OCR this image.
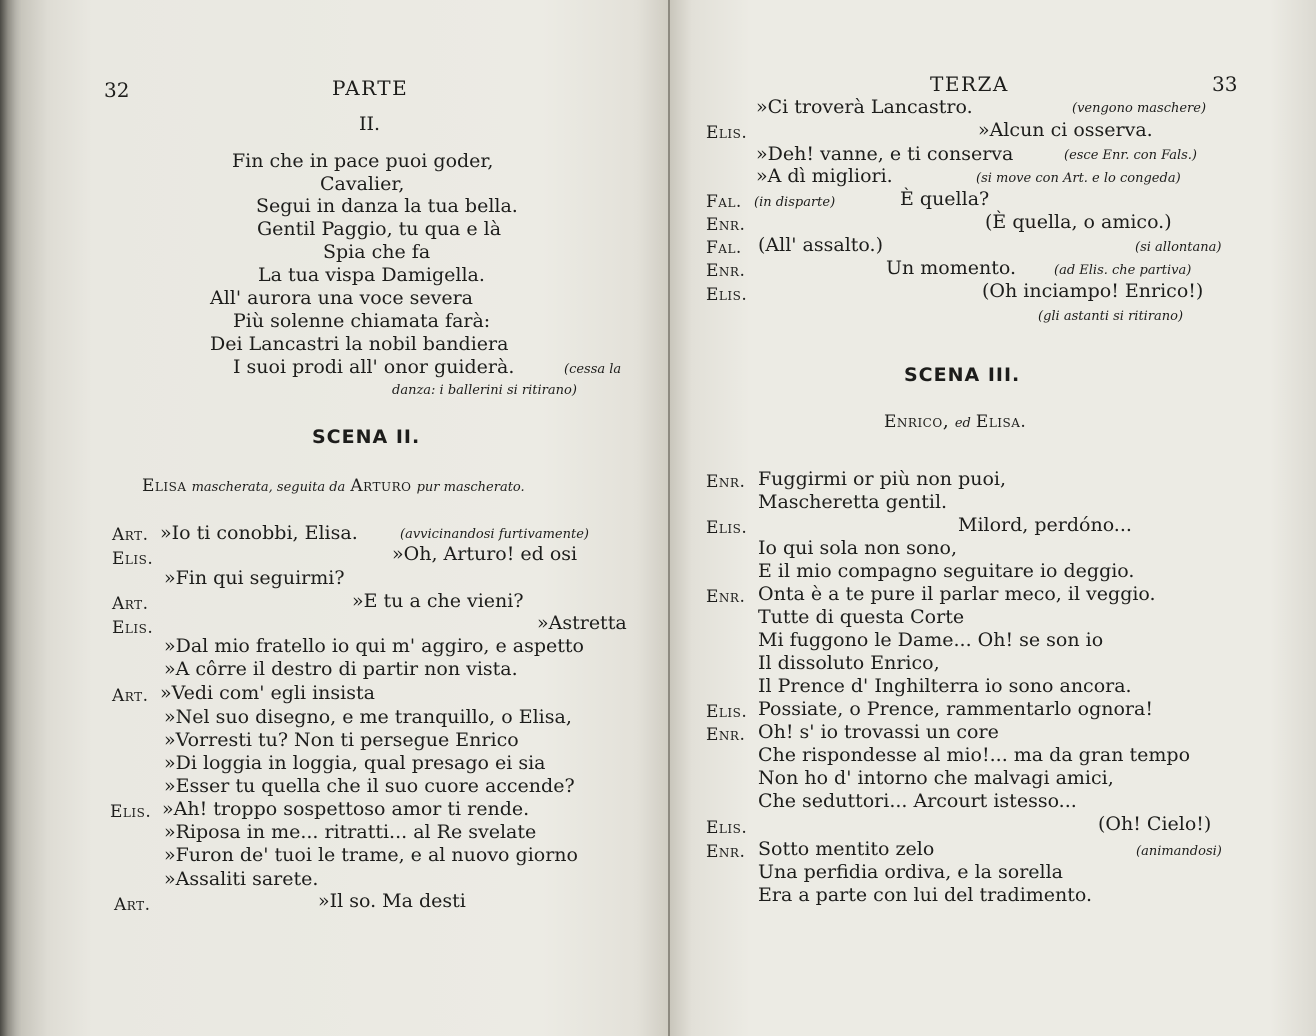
32	PARTE
II.
Fin che in pace puoi goder,
Cavalier,
Segui in danza la tua bella.
Gentil Paggio, tu qua e là
Spia che fa
La tua vispa Damigella.
All' aurora una voce severa
Più solenne chiamata farà:
Dei Lancastri la nobil bandiera
I suoi prodi all' onor guiderà.	(cessa la
danza: i ballerini si ritirano)
SCENA II.
Elisa mascherata, seguita da Arturo pur mascherato.
Art. »Io ti conobbi, Elisa.	(avvicinandosi furtivamente)
Elis.	»Oh, Arturo! ed osi
»Fin qui seguirmi?
Art.	»E tu a che vieni?
Elis.	»Astretta
»Dal mio fratello io qui m' aggiro, e aspetto
»A côrre il destro di partir non vista.
Art. »Vedi com' egli insista
»Nel suo disegno, e me tranquillo, o Elisa,
»Vorresti tu? Non ti persegue Enrico
»Di loggia in loggia, qual presago ei sia
»Esser tu quella che il suo cuore accende?
Elis. »Ah! troppo sospettoso amor ti rende.
»Riposa in me... ritratti... al Re svelate
»Furon de' tuoi le trame, e al nuovo giorno
»Assaliti sarete.
Art.	»Il so. Ma desti
TERZA	33
»Ci troverà Lancastro.	(vengono maschere)
Elis.	»Alcun ci osserva.
»Deh! vanne, e ti conserva	(esce Enr. con Fals.)
»A dì migliori.	(si move con Art. e lo congeda)
Fal. (in disparte)	È quella?
Enr.	(È quella, o amico.)
Fal. (All' assalto.)	(si allontana)
Enr.	Un momento.	(ad Elis. che partiva)
Elis.	(Oh inciampo! Enrico!)
(gli astanti si ritirano)
SCENA III.
Enrico, ed Elisa.
Enr. Fuggirmi or più non puoi,
Mascheretta gentil.
Elis.	Milord, perdóno...
Io qui sola non sono,
E il mio compagno seguitare io deggio.
Enr. Onta è a te pure il parlar meco, il veggio.
Tutte di questa Corte
Mi fuggono le Dame... Oh! se son io
Il dissoluto Enrico,
Il Prence d' Inghilterra io sono ancora.
Elis. Possiate, o Prence, rammentarlo ognora!
Enr. Oh! s' io trovassi un core
Che rispondesse al mio!... ma da gran tempo
Non ho d' intorno che malvagi amici,
Che seduttori... Arcourt istesso...
Elis.	(Oh! Cielo!)
Enr. Sotto mentito zelo	(animandosi)
Una perfidia ordiva, e la sorella
Era a parte con lui del tradimento.
